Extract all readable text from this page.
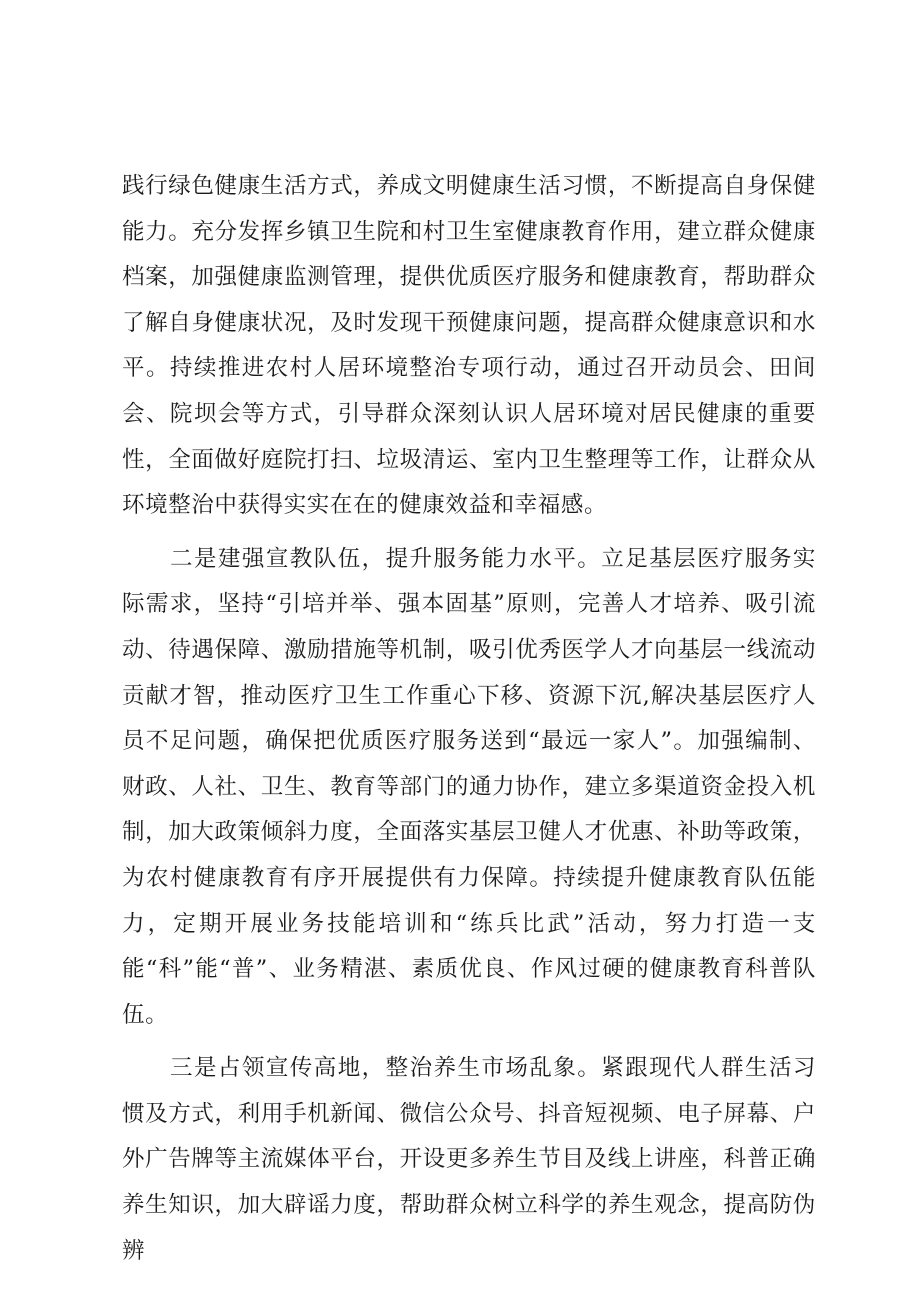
践行绿色健康生活方式，养成文明健康生活习惯，不断提高自身保健能力。充分发挥乡镇卫生院和村卫生室健康教育作用，建立群众健康档案，加强健康监测管理，提供优质医疗服务和健康教育，帮助群众了解自身健康状况，及时发现干预健康问题，提高群众健康意识和水平。持续推进农村人居环境整治专项行动，通过召开动员会、田间会、院坝会等方式，引导群众深刻认识人居环境对居民健康的重要性，全面做好庭院打扫、垃圾清运、室内卫生整理等工作，让群众从环境整治中获得实实在在的健康效益和幸福感。

二是建强宣教队伍，提升服务能力水平。立足基层医疗服务实际需求，坚持“引培并举、强本固基”原则，完善人才培养、吸引流动、待遇保障、激励措施等机制，吸引优秀医学人才向基层一线流动贡献才智，推动医疗卫生工作重心下移、资源下沉,解决基层医疗人员不足问题，确保把优质医疗服务送到“最远一家人”。加强编制、财政、人社、卫生、教育等部门的通力协作，建立多渠道资金投入机制，加大政策倾斜力度，全面落实基层卫健人才优惠、补助等政策，为农村健康教育有序开展提供有力保障。持续提升健康教育队伍能力，定期开展业务技能培训和“练兵比武”活动，努力打造一支能“科”能“普”、业务精湛、素质优良、作风过硬的健康教育科普队伍。

三是占领宣传高地，整治养生市场乱象。紧跟现代人群生活习惯及方式，利用手机新闻、微信公众号、抖音短视频、电子屏幕、户外广告牌等主流媒体平台，开设更多养生节目及线上讲座，科普正确养生知识，加大辟谣力度，帮助群众树立科学的养生观念，提高防伪辨
